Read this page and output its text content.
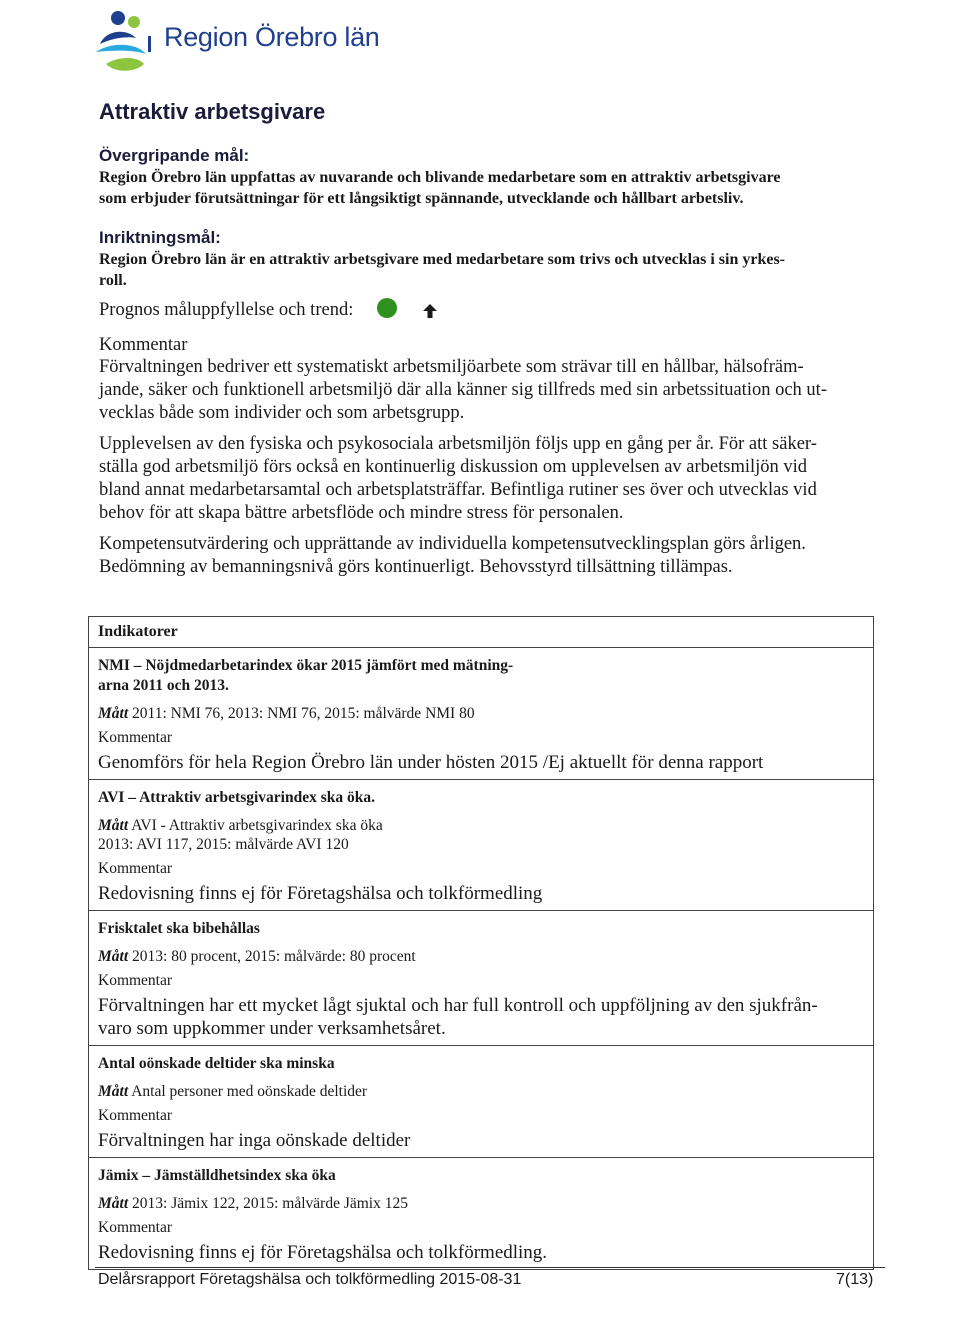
Region Örebro län
Attraktiv arbetsgivare
Övergripande mål:
Region Örebro län uppfattas av nuvarande och blivande medarbetare som en attraktiv arbetsgivare
som erbjuder förutsättningar för ett långsiktigt spännande, utvecklande och hållbart arbetsliv.
Inriktningsmål:
Region Örebro län är en attraktiv arbetsgivare med medarbetare som trivs och utvecklas i sin yrkes-
roll.
Prognos måluppfyllelse och trend:
Kommentar
Förvaltningen bedriver ett systematiskt arbetsmiljöarbete som strävar till en hållbar, hälsofräm-
jande, säker och funktionell arbetsmiljö där alla känner sig tillfreds med sin arbetssituation och ut-
vecklas både som individer och som arbetsgrupp.
Upplevelsen av den fysiska och psykosociala arbetsmiljön följs upp en gång per år. För att säker-
ställa god arbetsmiljö förs också en kontinuerlig diskussion om upplevelsen av arbetsmiljön vid
bland annat medarbetarsamtal och arbetsplatsträffar. Befintliga rutiner ses över och utvecklas vid
behov för att skapa bättre arbetsflöde och mindre stress för personalen.
Kompetensutvärdering och upprättande av individuella kompetensutvecklingsplan görs årligen.
Bedömning av bemanningsnivå görs kontinuerligt. Behovsstyrd tillsättning tillämpas.
Indikatorer

NMI – Nöjdmedarbetarindex ökar 2015 jämfört med mätning-
arna 2011 och 2013.
Mått 2011: NMI 76, 2013: NMI 76, 2015: målvärde NMI 80
Kommentar
Genomförs för hela Region Örebro län under hösten 2015 /Ej aktuellt för denna rapport

AVI – Attraktiv arbetsgivarindex ska öka.
Mått AVI - Attraktiv arbetsgivarindex ska öka
2013: AVI 117, 2015: målvärde AVI 120
Kommentar
Redovisning finns ej för Företagshälsa och tolkförmedling

Frisktalet ska bibehållas
Mått 2013: 80 procent, 2015: målvärde: 80 procent
Kommentar
Förvaltningen har ett mycket lågt sjuktal och har full kontroll och uppföljning av den sjukfrån-
varo som uppkommer under verksamhetsåret.

Antal oönskade deltider ska minska
Mått Antal personer med oönskade deltider
Kommentar
Förvaltningen har inga oönskade deltider

Jämix – Jämställdhetsindex ska öka
Mått 2013: Jämix 122, 2015: målvärde Jämix 125
Kommentar
Redovisning finns ej för Företagshälsa och tolkförmedling.
Delårsrapport Företagshälsa och tolkförmedling 2015-08-31	7(13)
